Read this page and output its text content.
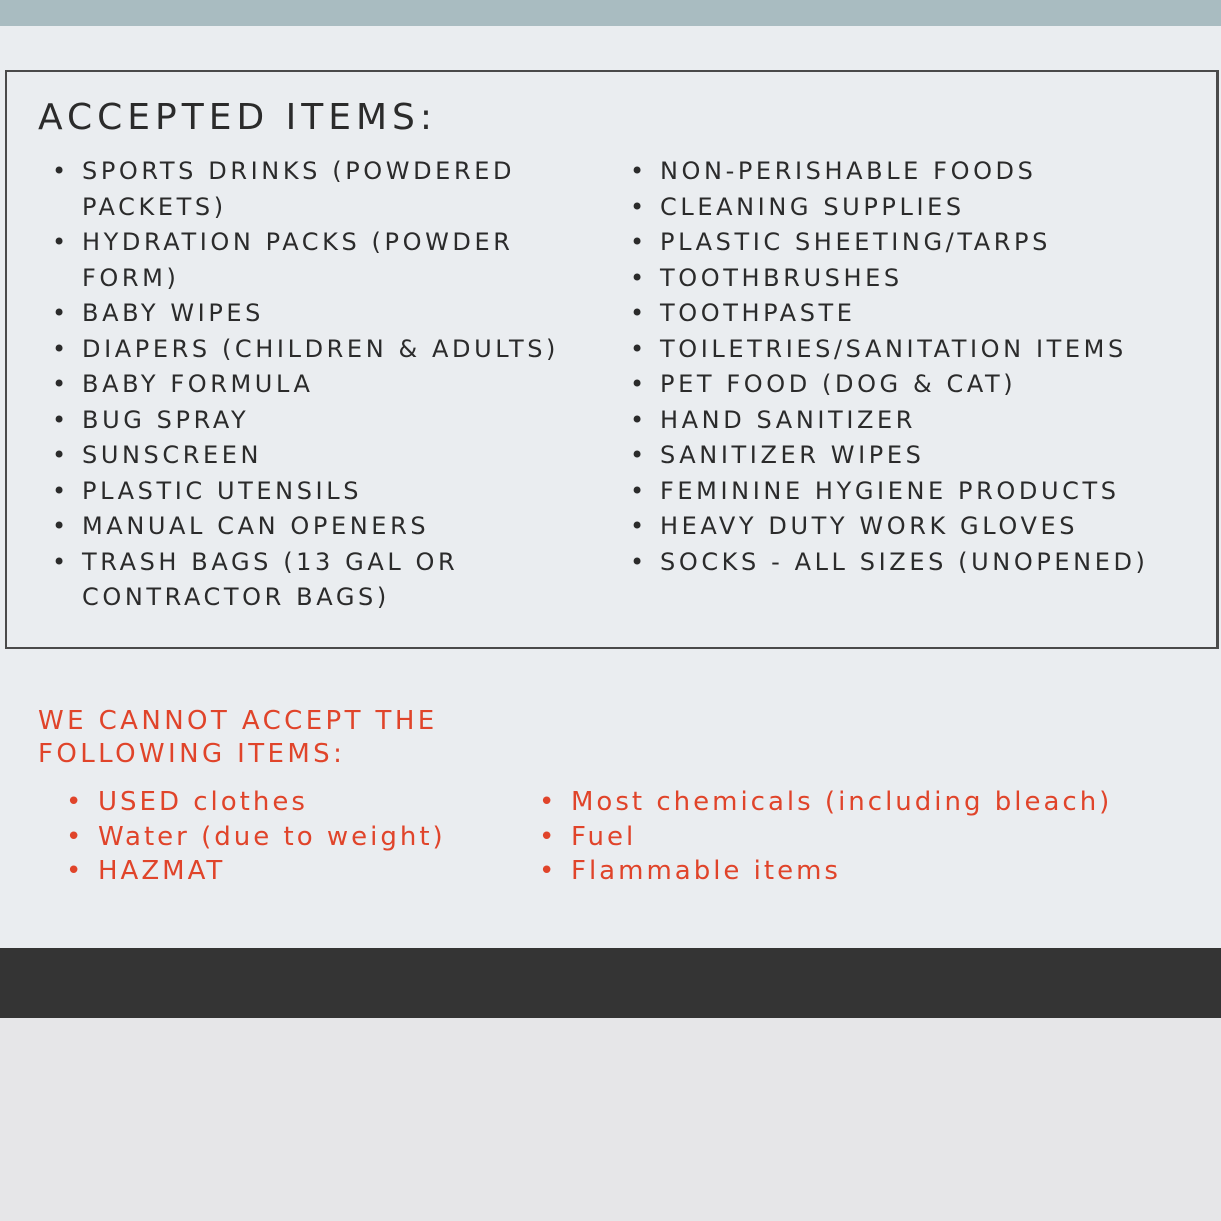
ACCEPTED ITEMS:
• SPORTS DRINKS (POWDERED
PACKETS)
• HYDRATION PACKS (POWDER
FORM)
• BABY WIPES
• DIAPERS (CHILDREN & ADULTS)
• BABY FORMULA
• BUG SPRAY
• SUNSCREEN
• PLASTIC UTENSILS
• MANUAL CAN OPENERS
• TRASH BAGS (13 GAL OR
CONTRACTOR BAGS)
• NON-PERISHABLE FOODS
• CLEANING SUPPLIES
• PLASTIC SHEETING/TARPS
• TOOTHBRUSHES
• TOOTHPASTE
• TOILETRIES/SANITATION ITEMS
• PET FOOD (DOG & CAT)
• HAND SANITIZER
• SANITIZER WIPES
• FEMININE HYGIENE PRODUCTS
• HEAVY DUTY WORK GLOVES
• SOCKS - ALL SIZES (UNOPENED)
WE CANNOT ACCEPT THE
FOLLOWING ITEMS:
• USED clothes
• Water (due to weight)
• HAZMAT
• Most chemicals (including bleach)
• Fuel
• Flammable items
